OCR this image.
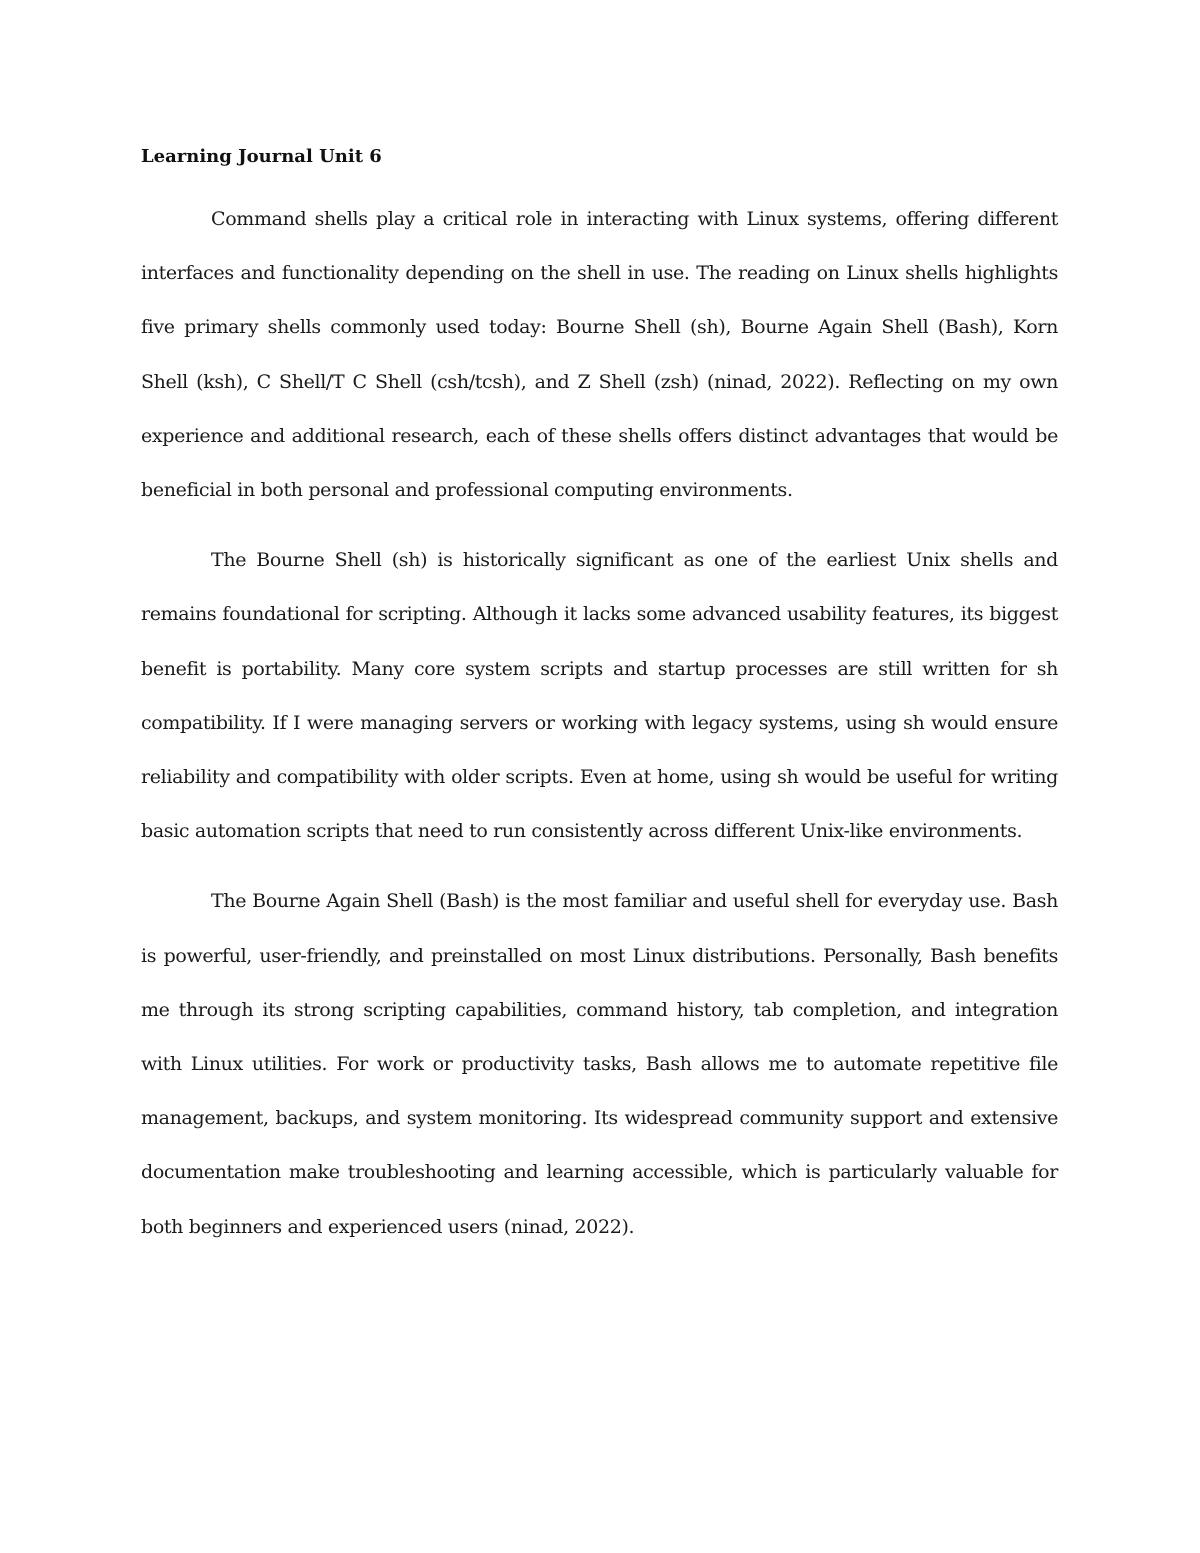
Learning Journal Unit 6

Command shells play a critical role in interacting with Linux systems, offering different interfaces and functionality depending on the shell in use. The reading on Linux shells highlights five primary shells commonly used today: Bourne Shell (sh), Bourne Again Shell (Bash), Korn Shell (ksh), C Shell/T C Shell (csh/tcsh), and Z Shell (zsh) (ninad, 2022). Reflecting on my own experience and additional research, each of these shells offers distinct advantages that would be beneficial in both personal and professional computing environments.

The Bourne Shell (sh) is historically significant as one of the earliest Unix shells and remains foundational for scripting. Although it lacks some advanced usability features, its biggest benefit is portability. Many core system scripts and startup processes are still written for sh compatibility. If I were managing servers or working with legacy systems, using sh would ensure reliability and compatibility with older scripts. Even at home, using sh would be useful for writing basic automation scripts that need to run consistently across different Unix-like environments.

The Bourne Again Shell (Bash) is the most familiar and useful shell for everyday use. Bash is powerful, user-friendly, and preinstalled on most Linux distributions. Personally, Bash benefits me through its strong scripting capabilities, command history, tab completion, and integration with Linux utilities. For work or productivity tasks, Bash allows me to automate repetitive file management, backups, and system monitoring. Its widespread community support and extensive documentation make troubleshooting and learning accessible, which is particularly valuable for both beginners and experienced users (ninad, 2022).
